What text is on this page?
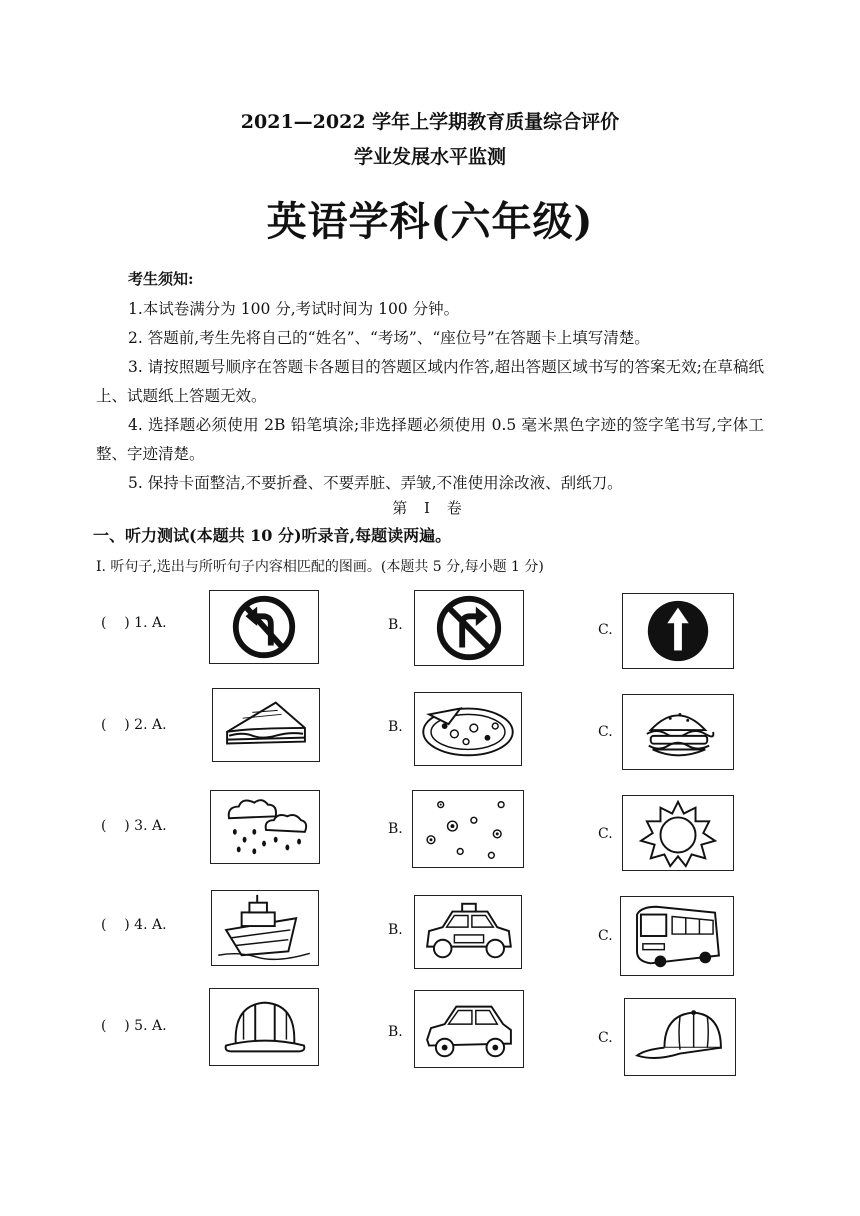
2021—2022 学年上学期教育质量综合评价
学业发展水平监测
英语学科(六年级)
考生须知:

1.本试卷满分为 100 分,考试时间为 100 分钟。

2. 答题前,考生先将自己的“姓名”、“考场”、“座位号”在答题卡上填写清楚。

3. 请按照题号顺序在答题卡各题目的答题区域内作答,超出答题区域书写的答案无效;在草稿纸上、试题纸上答题无效。

4. 选择题必须使用 2B 铅笔填涂;非选择题必须使用 0.5 毫米黑色字迹的签字笔书写,字体工整、字迹清楚。

5. 保持卡面整洁,不要折叠、不要弄脏、弄皱,不准使用涂改液、刮纸刀。

第 I 卷
一、听力测试(本题共 10 分)听录音,每题读两遍。
Ⅰ. 听句子,选出与所听句子内容相匹配的图画。(本题共 5 分,每小题 1 分)
(    ) 1. A.	B.	C.
(    ) 2. A.	B.	C.
(    ) 3. A.	B.	C.
(    ) 4. A.	B.	C.
(    ) 5. A.	B.	C.
